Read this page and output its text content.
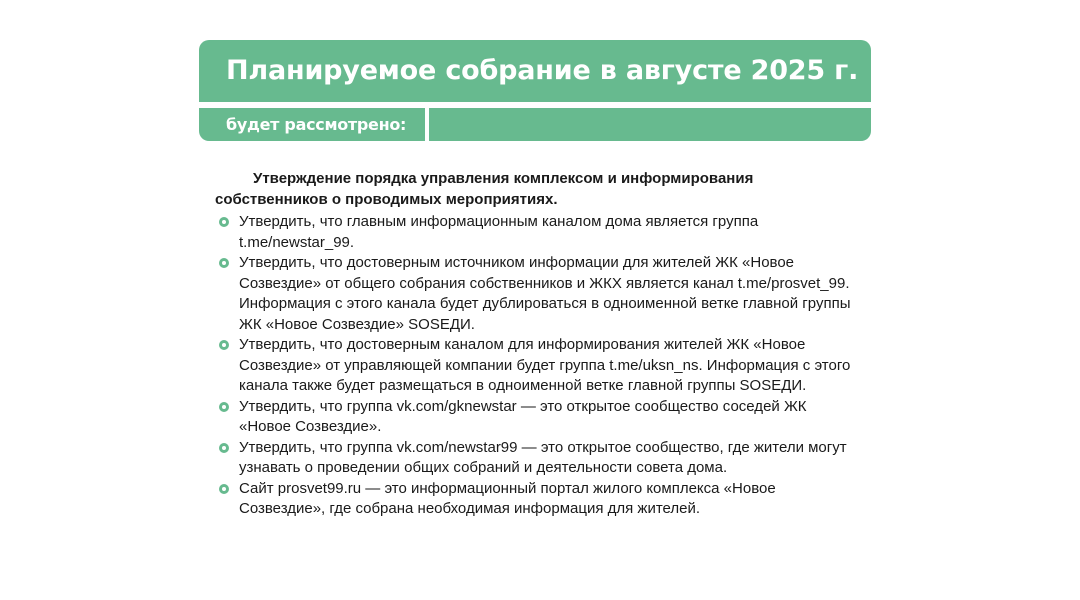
Планируемое собрание в августе 2025 г.
будет рассмотрено:

Утверждение порядка управления комплексом и информирования собственников о проводимых мероприятиях.

Утвердить, что главным информационным каналом дома является группа t.me/newstar_99.
Утвердить, что достоверным источником информации для жителей ЖК «Новое Созвездие» от общего собрания собственников и ЖКХ является канал t.me/prosvet_99. Информация с этого канала будет дублироваться в одноименной ветке главной группы ЖК «Новое Созвездие» SOSЕДИ.
Утвердить, что достоверным каналом для информирования жителей ЖК «Новое Созвездие» от управляющей компании будет группа t.me/uksn_ns. Информация с этого канала также будет размещаться в одноименной ветке главной группы SOSЕДИ.
Утвердить, что группа vk.com/gknewstar — это открытое сообщество соседей ЖК «Новое Созвездие».
Утвердить, что группа vk.com/newstar99 — это открытое сообщество, где жители могут узнавать о проведении общих собраний и деятельности совета дома.
Сайт prosvet99.ru — это информационный портал жилого комплекса «Новое Созвездие», где собрана необходимая информация для жителей.
